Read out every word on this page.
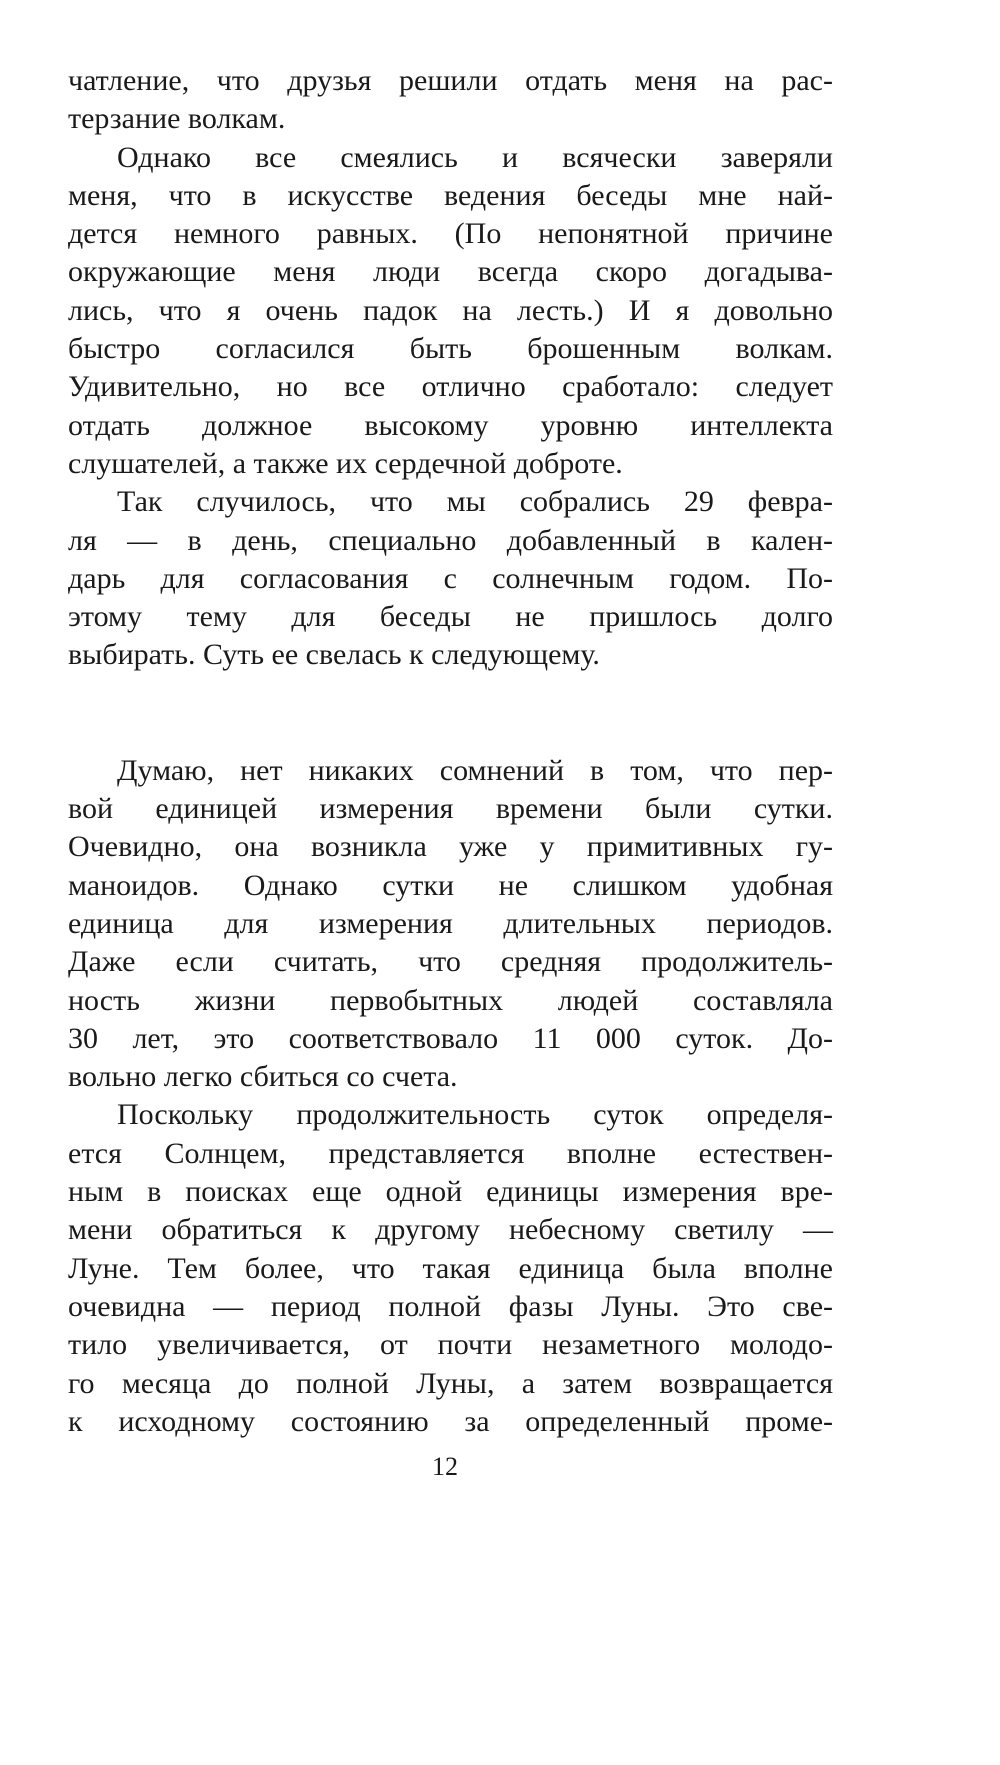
чатление, что друзья решили отдать меня на рас-
терзание волкам.
Однако все смеялись и всячески заверяли
меня, что в искусстве ведения беседы мне най-
дется немного равных. (По непонятной причине
окружающие меня люди всегда скоро догадыва-
лись, что я очень падок на лесть.) И я довольно
быстро согласился быть брошенным волкам.
Удивительно, но все отлично сработало: следует
отдать должное высокому уровню интеллекта
слушателей, а также их сердечной доброте.
Так случилось, что мы собрались 29 февра-
ля — в день, специально добавленный в кален-
дарь для согласования с солнечным годом. По-
этому тему для беседы не пришлось долго
выбирать. Суть ее свелась к следующему.
Думаю, нет никаких сомнений в том, что пер-
вой единицей измерения времени были сутки.
Очевидно, она возникла уже у примитивных гу-
маноидов. Однако сутки не слишком удобная
единица для измерения длительных периодов.
Даже если считать, что средняя продолжитель-
ность жизни первобытных людей составляла
30 лет, это соответствовало 11 000 суток. До-
вольно легко сбиться со счета.
Поскольку продолжительность суток определя-
ется Солнцем, представляется вполне естествен-
ным в поисках еще одной единицы измерения вре-
мени обратиться к другому небесному светилу —
Луне. Тем более, что такая единица была вполне
очевидна — период полной фазы Луны. Это све-
тило увеличивается, от почти незаметного молодо-
го месяца до полной Луны, а затем возвращается
к исходному состоянию за определенный проме-
12
